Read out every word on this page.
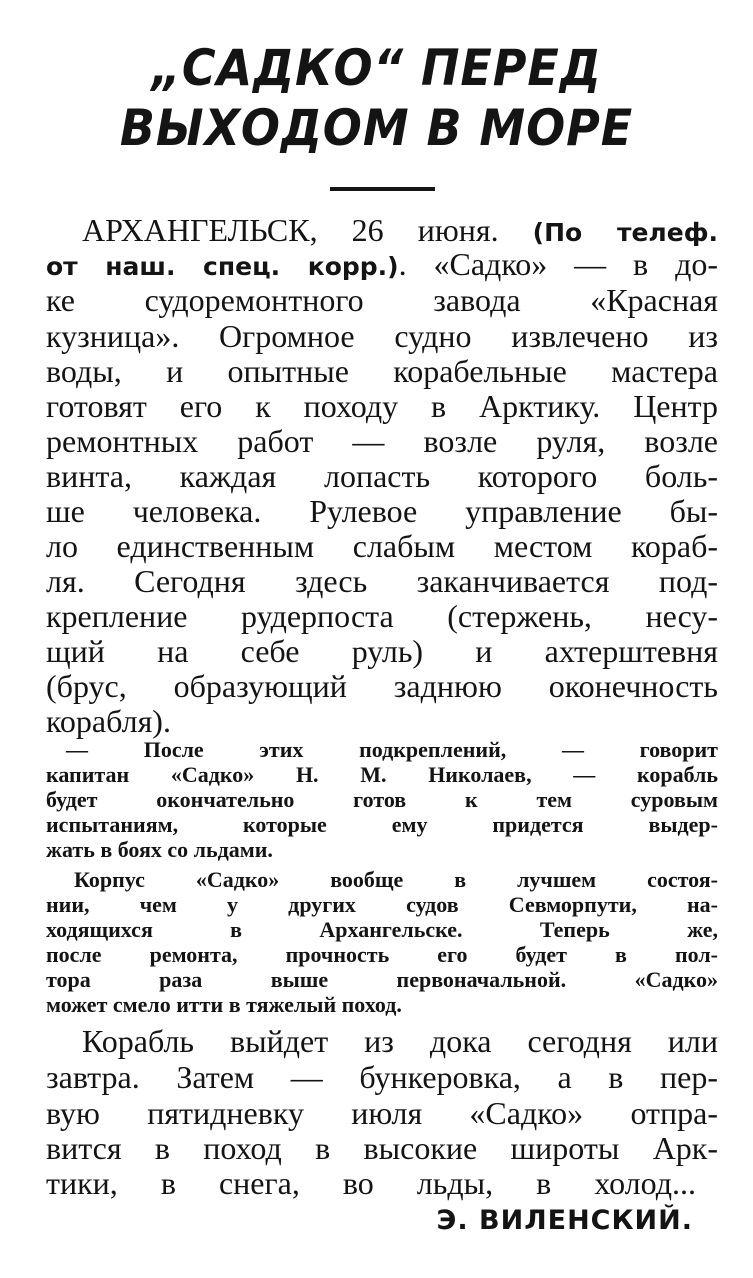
„САДКО“ ПЕРЕД
ВЫХОДОМ В МОРЕ
АРХАНГЕЛЬСК, 26 июня. (По телеф.
от наш. спец. корр.). «Садко» — в до-
ке судоремонтного завода «Красная
кузница». Огромное судно извлечено из
воды, и опытные корабельные мастера
готовят его к походу в Арктику. Центр
ремонтных работ — возле руля, возле
винта, каждая лопасть которого боль-
ше человека. Рулевое управление бы-
ло единственным слабым местом кораб-
ля. Сегодня здесь заканчивается под-
крепление рудерпоста (стержень, несу-
щий на себе руль) и ахтерштевня
(брус, образующий заднюю оконечность
корабля).
— После этих подкреплений, — говорит
капитан «Садко» Н. М. Николаев, — корабль
будет окончательно готов к тем суровым
испытаниям, которые ему придется выдер-
жать в боях со льдами.
Корпус «Садко» вообще в лучшем состоя-
нии, чем у других судов Севморпути, на-
ходящихся в Архангельске. Теперь же,
после ремонта, прочность его будет в пол-
тора раза выше первоначальной. «Садко»
может смело итти в тяжелый поход.
Корабль выйдет из дока сегодня или
завтра. Затем — бункеровка, а в пер-
вую пятидневку июля «Садко» отпра-
вится в поход в высокие широты Арк-
тики, в снега, во льды, в холод...
Э. ВИЛЕНСКИЙ.
